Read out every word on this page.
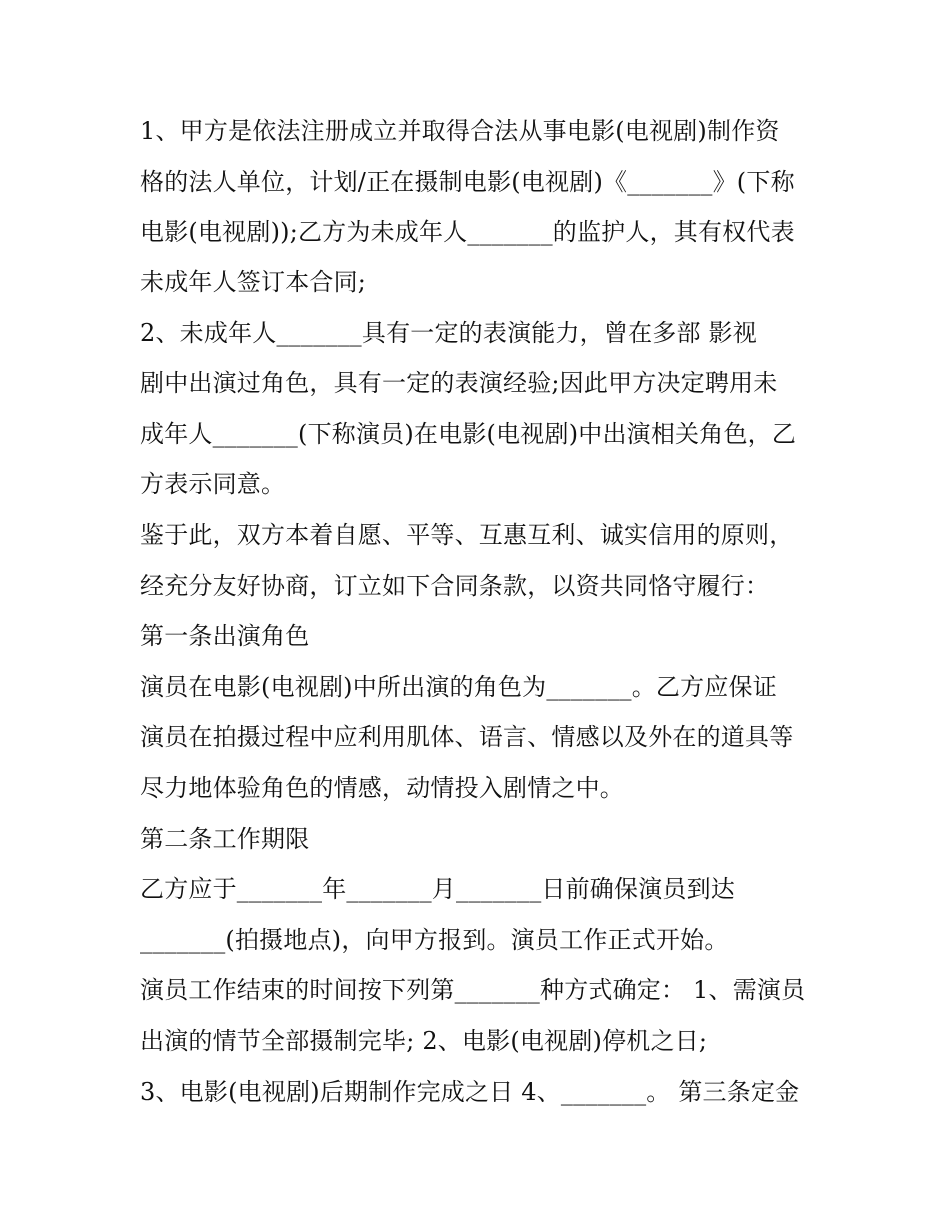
1、甲方是依法注册成立并取得合法从事电影(电视剧)制作资
格的法人单位，计划/正在摄制电影(电视剧)《_______》(下称
电影(电视剧));乙方为未成年人_______的监护人，其有权代表
未成年人签订本合同;
2、未成年人_______具有一定的表演能力，曾在多部 影视
剧中出演过角色，具有一定的表演经验;因此甲方决定聘用未
成年人_______(下称演员)在电影(电视剧)中出演相关角色，乙
方表示同意。
鉴于此，双方本着自愿、平等、互惠互利、诚实信用的原则，
经充分友好协商，订立如下合同条款，以资共同恪守履行：
第一条出演角色
演员在电影(电视剧)中所出演的角色为_______。乙方应保证
演员在拍摄过程中应利用肌体、语言、情感以及外在的道具等
尽力地体验角色的情感，动情投入剧情之中。
第二条工作期限
乙方应于_______年_______月_______日前确保演员到达
_______(拍摄地点)，向甲方报到。演员工作正式开始。
演员工作结束的时间按下列第_______种方式确定： 1、需演员
出演的情节全部摄制完毕; 2、电影(电视剧)停机之日;
3、电影(电视剧)后期制作完成之日 4、_______。 第三条定金
